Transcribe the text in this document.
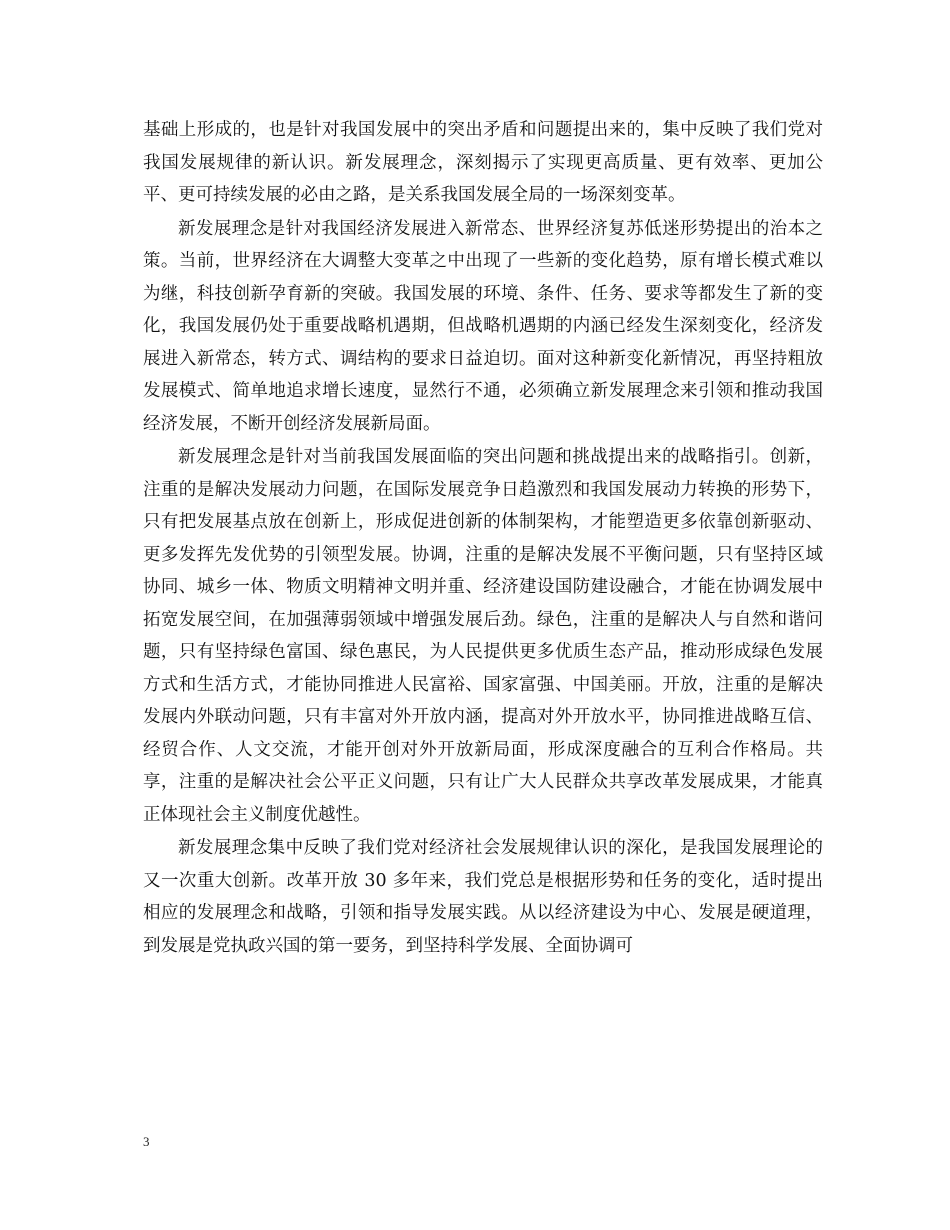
基础上形成的，也是针对我国发展中的突出矛盾和问题提出来的，集中反映了我们党对我国发展规律的新认识。新发展理念，深刻揭示了实现更高质量、更有效率、更加公平、更可持续发展的必由之路，是关系我国发展全局的一场深刻变革。

新发展理念是针对我国经济发展进入新常态、世界经济复苏低迷形势提出的治本之策。当前，世界经济在大调整大变革之中出现了一些新的变化趋势，原有增长模式难以为继，科技创新孕育新的突破。我国发展的环境、条件、任务、要求等都发生了新的变化，我国发展仍处于重要战略机遇期，但战略机遇期的内涵已经发生深刻变化，经济发展进入新常态，转方式、调结构的要求日益迫切。面对这种新变化新情况，再坚持粗放发展模式、简单地追求增长速度，显然行不通，必须确立新发展理念来引领和推动我国经济发展，不断开创经济发展新局面。

新发展理念是针对当前我国发展面临的突出问题和挑战提出来的战略指引。创新，注重的是解决发展动力问题，在国际发展竞争日趋激烈和我国发展动力转换的形势下，只有把发展基点放在创新上，形成促进创新的体制架构，才能塑造更多依靠创新驱动、更多发挥先发优势的引领型发展。协调，注重的是解决发展不平衡问题，只有坚持区域协同、城乡一体、物质文明精神文明并重、经济建设国防建设融合，才能在协调发展中拓宽发展空间，在加强薄弱领域中增强发展后劲。绿色，注重的是解决人与自然和谐问题，只有坚持绿色富国、绿色惠民，为人民提供更多优质生态产品，推动形成绿色发展方式和生活方式，才能协同推进人民富裕、国家富强、中国美丽。开放，注重的是解决发展内外联动问题，只有丰富对外开放内涵，提高对外开放水平，协同推进战略互信、经贸合作、人文交流，才能开创对外开放新局面，形成深度融合的互利合作格局。共享，注重的是解决社会公平正义问题，只有让广大人民群众共享改革发展成果，才能真正体现社会主义制度优越性。

新发展理念集中反映了我们党对经济社会发展规律认识的深化，是我国发展理论的又一次重大创新。改革开放 30 多年来，我们党总是根据形势和任务的变化，适时提出相应的发展理念和战略，引领和指导发展实践。从以经济建设为中心、发展是硬道理，到发展是党执政兴国的第一要务，到坚持科学发展、全面协调可

3
